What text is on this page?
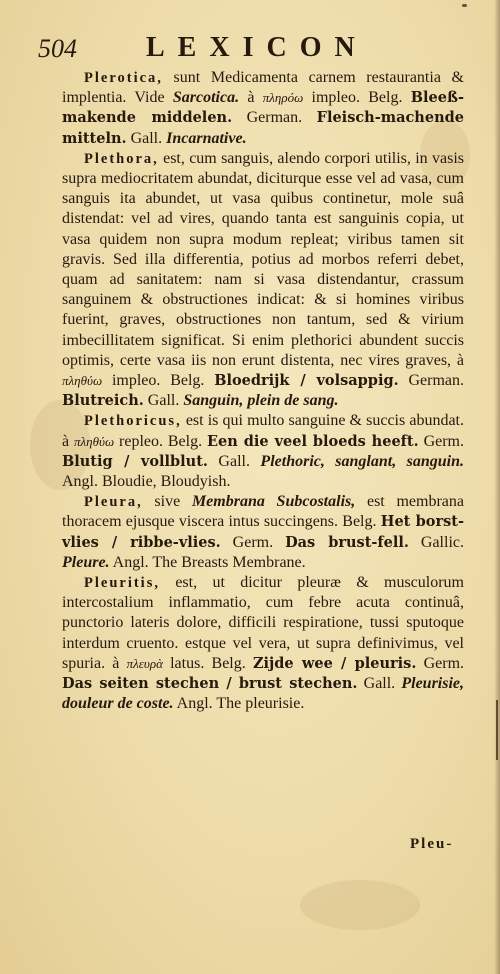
504 LEXICON

Plerotica, sunt Medicamenta carnem restaurantia & implentia. Vide Sarcotica. à πληρόω impleo. Belg. Bleeß-makende middelen. German. Fleisch-machende mitteln. Gall. Incarnative.

Plethora, est, cum sanguis, alendo corpori utilis, in vasis supra mediocritatem abundat, diciturque esse vel ad vasa, cum sanguis ita abundet, ut vasa quibus continetur, mole suâ distendat: vel ad vires, quando tanta est sanguinis copia, ut vasa quidem non supra modum repleat; viribus tamen sit gravis. Sed illa differentia, potius ad morbos referri debet, quam ad sanitatem: nam si vasa distendantur, crassum sanguinem & obstructiones indicat: & si homines viribus fuerint, graves, obstructiones non tantum, sed & virium imbecillitatem significat. Si enim plethorici abundent succis optimis, certe vasa iis non erunt distenta, nec vires graves, à πληθύω impleo. Belg. Bloedrijk / volsappig. German. Blutreich. Gall. Sanguin, plein de sang.

Plethoricus, est is qui multo sanguine & succis abundat. à πληθύω repleo. Belg. Een die veel bloeds heeft. Germ. Blutig / vollblut. Gall. Plethoric, sanglant, sanguin. Angl. Bloudie, Bloudyish.

Pleura, sive Membrana Subcostalis, est membrana thoracem ejusque viscera intus succingens. Belg. Het borst-vlies / ribbe-vlies. Germ. Das brust-fell. Gallic. Pleure. Angl. The Breasts Membrane.

Pleuritis, est, ut dicitur pleuræ & musculorum intercostalium inflammatio, cum febre acuta continuâ, punctorio lateris dolore, difficili respiratione, tussi sputoque interdum cruento. estque vel vera, ut supra definivimus, vel spuria. à πλευρὰ latus. Belg. Zijde wee / pleuris. Germ. Das seiten stechen / brust stechen. Gall. Pleurisie, douleur de coste. Angl. The pleurisie.

Pleu-
